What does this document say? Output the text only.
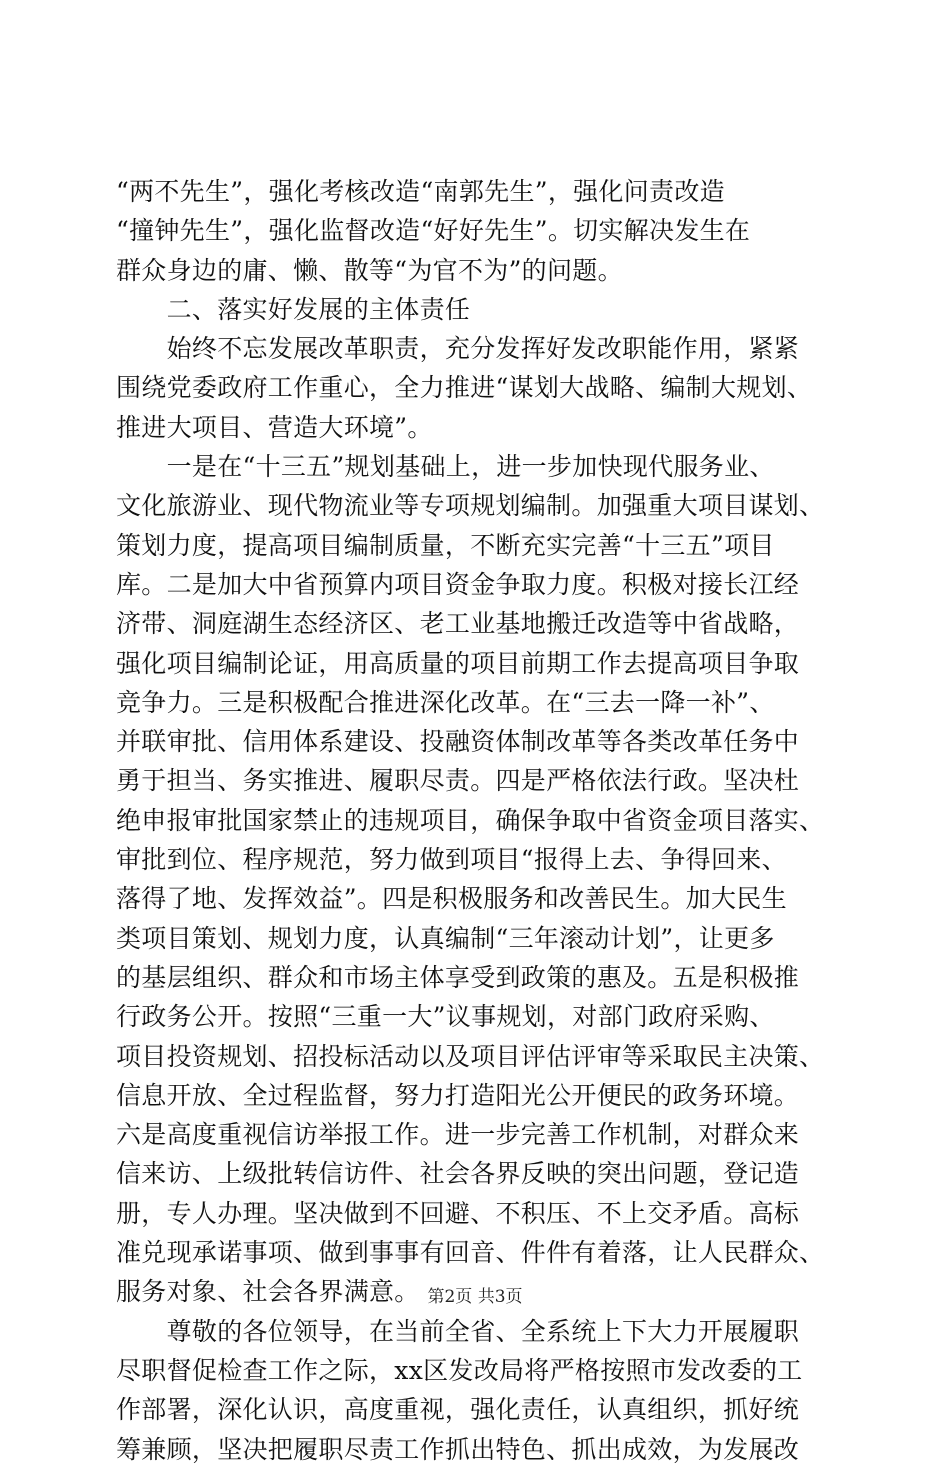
“两不先生”，强化考核改造“南郭先生”，强化问责改造
“撞钟先生”，强化监督改造“好好先生”。切实解决发生在
群众身边的庸、懒、散等“为官不为”的问题。
　　二、落实好发展的主体责任
　　始终不忘发展改革职责，充分发挥好发改职能作用，紧紧
围绕党委政府工作重心，全力推进“谋划大战略、编制大规划、
推进大项目、营造大环境”。
　　一是在“十三五”规划基础上，进一步加快现代服务业、
文化旅游业、现代物流业等专项规划编制。加强重大项目谋划、
策划力度，提高项目编制质量，不断充实完善“十三五”项目
库。二是加大中省预算内项目资金争取力度。积极对接长江经
济带、洞庭湖生态经济区、老工业基地搬迁改造等中省战略，
强化项目编制论证，用高质量的项目前期工作去提高项目争取
竞争力。三是积极配合推进深化改革。在“三去一降一补”、
并联审批、信用体系建设、投融资体制改革等各类改革任务中
勇于担当、务实推进、履职尽责。四是严格依法行政。坚决杜
绝申报审批国家禁止的违规项目，确保争取中省资金项目落实、
审批到位、程序规范，努力做到项目“报得上去、争得回来、
落得了地、发挥效益”。四是积极服务和改善民生。加大民生
类项目策划、规划力度，认真编制“三年滚动计划”，让更多
的基层组织、群众和市场主体享受到政策的惠及。五是积极推
行政务公开。按照“三重一大”议事规划，对部门政府采购、
项目投资规划、招投标活动以及项目评估评审等采取民主决策、
信息开放、全过程监督，努力打造阳光公开便民的政务环境。
六是高度重视信访举报工作。进一步完善工作机制，对群众来
信来访、上级批转信访件、社会各界反映的突出问题，登记造
册，专人办理。坚决做到不回避、不积压、不上交矛盾。高标
准兑现承诺事项、做到事事有回音、件件有着落，让人民群众、
服务对象、社会各界满意。
　　尊敬的各位领导，在当前全省、全系统上下大力开展履职
尽职督促检查工作之际，xx区发改局将严格按照市发改委的工
作部署，深化认识，高度重视，强化责任，认真组织，抓好统
筹兼顾，坚决把履职尽责工作抓出特色、抓出成效，为发展改
第2页 共3页
